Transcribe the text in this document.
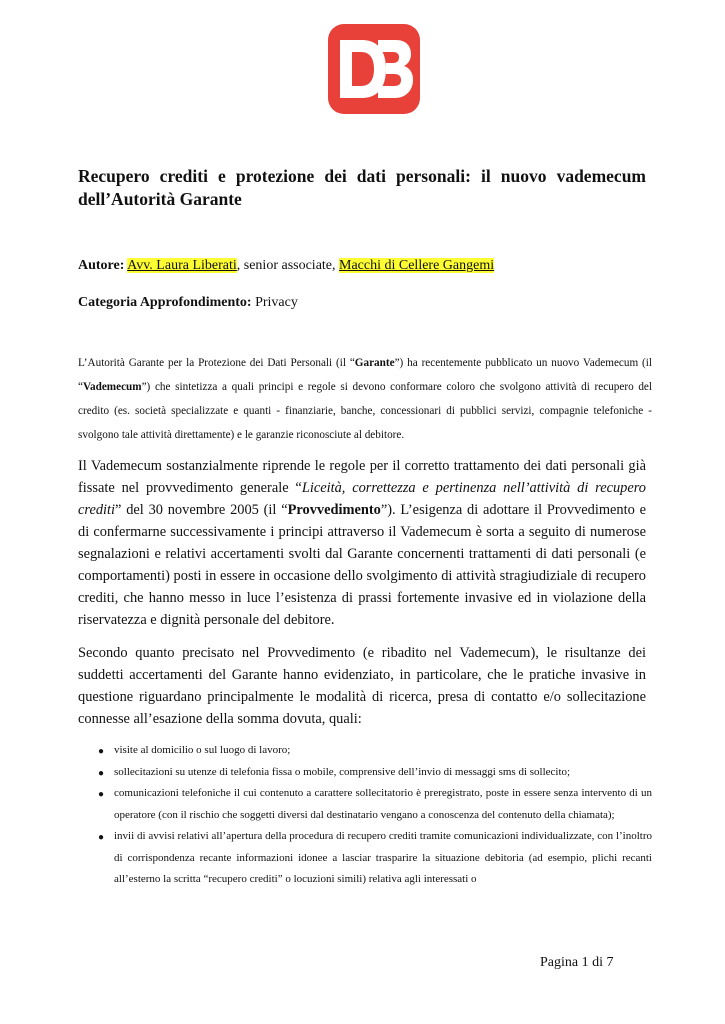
Recupero crediti e protezione dei dati personali: il nuovo vademecum dell’Autorità Garante
Autore: Avv. Laura Liberati, senior associate, Macchi di Cellere Gangemi
Categoria Approfondimento: Privacy
L’Autorità Garante per la Protezione dei Dati Personali (il “Garante”) ha recentemente pubblicato un nuovo Vademecum (il “Vademecum”) che sintetizza a quali principi e regole si devono conformare coloro che svolgono attività di recupero del credito (es. società specializzate e quanti - finanziarie, banche, concessionari di pubblici servizi, compagnie telefoniche - svolgono tale attività direttamente) e le garanzie riconosciute al debitore.
Il Vademecum sostanzialmente riprende le regole per il corretto trattamento dei dati personali già fissate nel provvedimento generale “Liceità, correttezza e pertinenza nell’attività di recupero crediti” del 30 novembre 2005 (il “Provvedimento”). L’esigenza di adottare il Provvedimento e di confermarne successivamente i principi attraverso il Vademecum è sorta a seguito di numerose segnalazioni e relativi accertamenti svolti dal Garante concernenti trattamenti di dati personali (e comportamenti) posti in essere in occasione dello svolgimento di attività stragiudiziale di recupero crediti, che hanno messo in luce l’esistenza di prassi fortemente invasive ed in violazione della riservatezza e dignità personale del debitore.
Secondo quanto precisato nel Provvedimento (e ribadito nel Vademecum), le risultanze dei suddetti accertamenti del Garante hanno evidenziato, in particolare, che le pratiche invasive in questione riguardano principalmente le modalità di ricerca, presa di contatto e/o sollecitazione connesse all’esazione della somma dovuta, quali:
● visite al domicilio o sul luogo di lavoro;
● sollecitazioni su utenze di telefonia fissa o mobile, comprensive dell’invio di messaggi sms di sollecito;
● comunicazioni telefoniche il cui contenuto a carattere sollecitatorio è preregistrato, poste in essere senza intervento di un operatore (con il rischio che soggetti diversi dal destinatario vengano a conoscenza del contenuto della chiamata);
● invii di avvisi relativi all’apertura della procedura di recupero crediti tramite comunicazioni individualizzate, con l’inoltro di corrispondenza recante informazioni idonee a lasciar trasparire la situazione debitoria (ad esempio, plichi recanti all’esterno la scritta “recupero crediti” o locuzioni simili) relativa agli interessati o
Pagina 1 di 7
